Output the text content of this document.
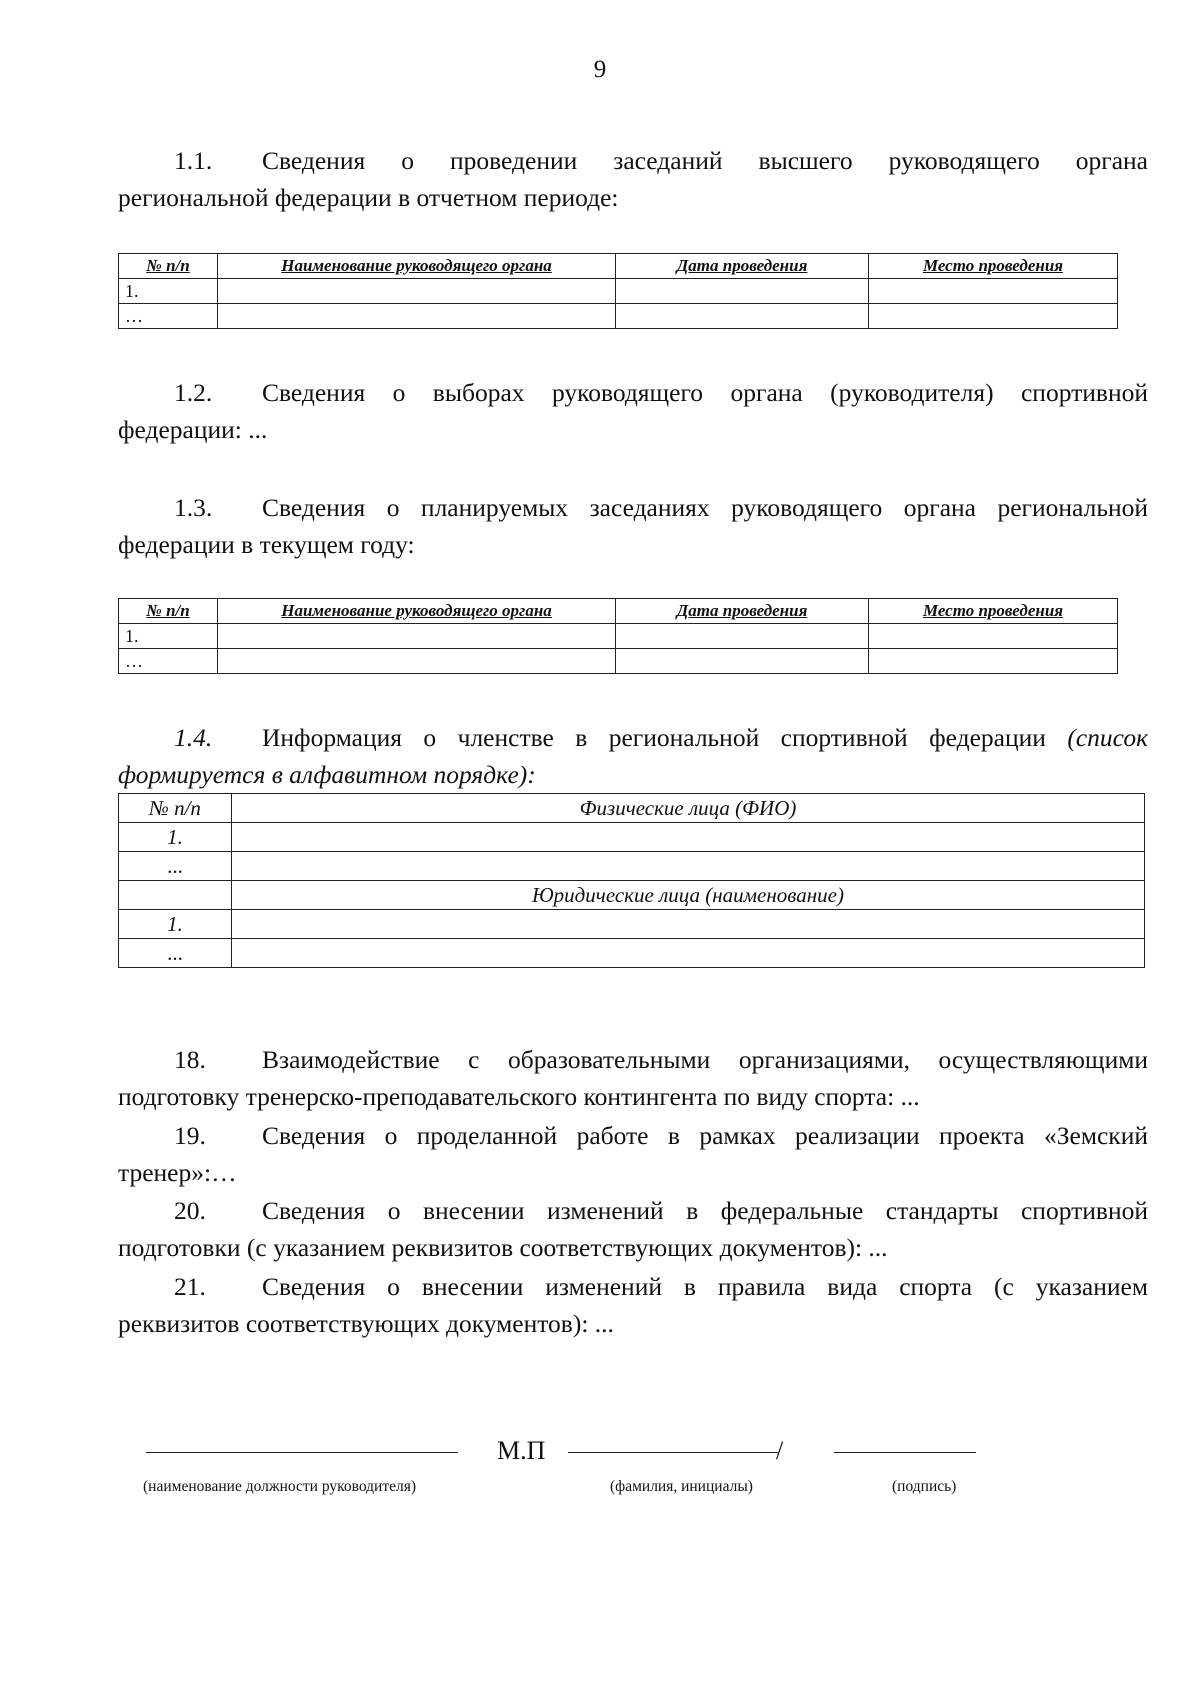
9
1.1. Сведения о проведении заседаний высшего руководящего органа
региональной федерации в отчетном периоде:
№ п/п	Наименование руководящего органа	Дата проведения	Место проведения
1.			
…			
1.2. Сведения о выборах руководящего органа (руководителя) спортивной
федерации: ...
1.3. Сведения о планируемых заседаниях руководящего органа региональной
федерации в текущем году:
№ п/п	Наименование руководящего органа	Дата проведения	Место проведения
1.			
…			
1.4. Информация о членстве в региональной спортивной федерации (список
формируется в алфавитном порядке):
№ п/п	Физические лица (ФИО)
1.	
...	
	Юридические лица (наименование)
1.	
...	
18. Взаимодействие с образовательными организациями, осуществляющими
подготовку тренерско-преподавательского контингента по виду спорта: ...
19. Сведения о проделанной работе в рамках реализации проекта «Земский
тренер»:…
20. Сведения о внесении изменений в федеральные стандарты спортивной
подготовки (с указанием реквизитов соответствующих документов): ...
21. Сведения о внесении изменений в правила вида спорта (с указанием
реквизитов соответствующих документов): ...
М.П	/
(наименование должности руководителя)	(фамилия, инициалы)	(подпись)
